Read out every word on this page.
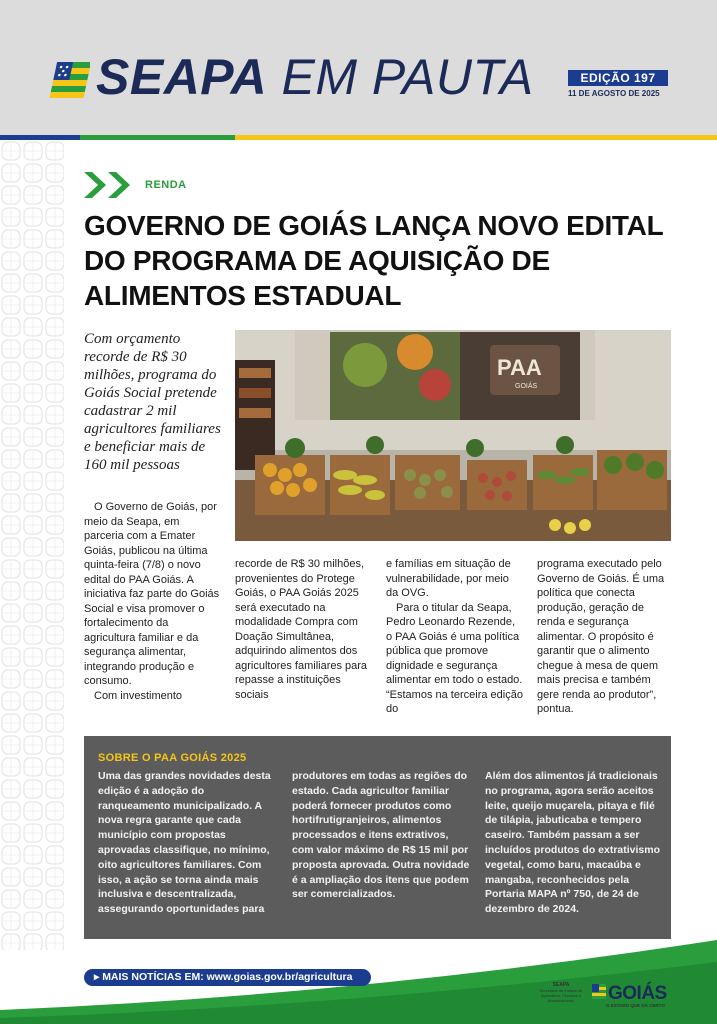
SEAPA EM PAUTA	EDIÇÃO 197
11 DE AGOSTO DE 2025
RENDA
GOVERNO DE GOIÁS LANÇA NOVO EDITAL DO PROGRAMA DE AQUISIÇÃO DE ALIMENTOS ESTADUAL
Com orçamento recorde de R$ 30 milhões, programa do Goiás Social pretende cadastrar 2 mil agricultores familiares e beneficiar mais de 160 mil pessoas
PAA
GOIÁS

O Governo de Goiás, por meio da Seapa, em parceria com a Emater Goiás, publicou na última quinta-feira (7/8) o novo edital do PAA Goiás. A iniciativa faz parte do Goiás Social e visa promover o fortalecimento da agricultura familiar e da segurança alimentar, integrando produção e consumo.

Com investimento

recorde de R$ 30 milhões, provenientes do Protege Goiás, o PAA Goiás 2025 será executado na modalidade Compra com Doação Simultânea, adquirindo alimentos dos agricultores familiares para repasse a instituições sociais
e famílias em situação de vulnerabilidade, por meio da OVG.

Para o titular da Seapa, Pedro Leonardo Rezende, o PAA Goiás é uma política pública que promove dignidade e segurança alimentar em todo o estado. “Estamos na terceira edição do

programa executado pelo Governo de Goiás. É uma política que conecta produção, geração de renda e segurança alimentar. O propósito é garantir que o alimento chegue à mesa de quem mais precisa e também gere renda ao produtor”, pontua.
SOBRE O PAA GOIÁS 2025
Uma das grandes novidades desta edição é a adoção do ranqueamento municipalizado. A nova regra garante que cada município com propostas aprovadas classifique, no mínimo, oito agricultores familiares. Com isso, a ação se torna ainda mais inclusiva e descentralizada, assegurando oportunidades para
produtores em todas as regiões do estado. Cada agricultor familiar poderá fornecer produtos como hortifrutigranjeiros, alimentos processados e itens extrativos, com valor máximo de R$ 15 mil por proposta aprovada. Outra novidade é a ampliação dos itens que podem ser comercializados.
Além dos alimentos já tradicionais no programa, agora serão aceitos leite, queijo muçarela, pitaya e filé de tilápia, jabuticaba e tempero caseiro. Também passam a ser incluídos produtos do extrativismo vegetal, como baru, macaúba e mangaba, reconhecidos pela Portaria MAPA nº 750, de 24 de dezembro de 2024.
▸ MAIS NOTÍCIAS EM: www.goias.gov.br/agricultura
SEAPA
Secretaria de Estado de Agricultura, Pecuária e Abastecimento	GOIÁS
O ESTADO QUE DÁ CERTO
